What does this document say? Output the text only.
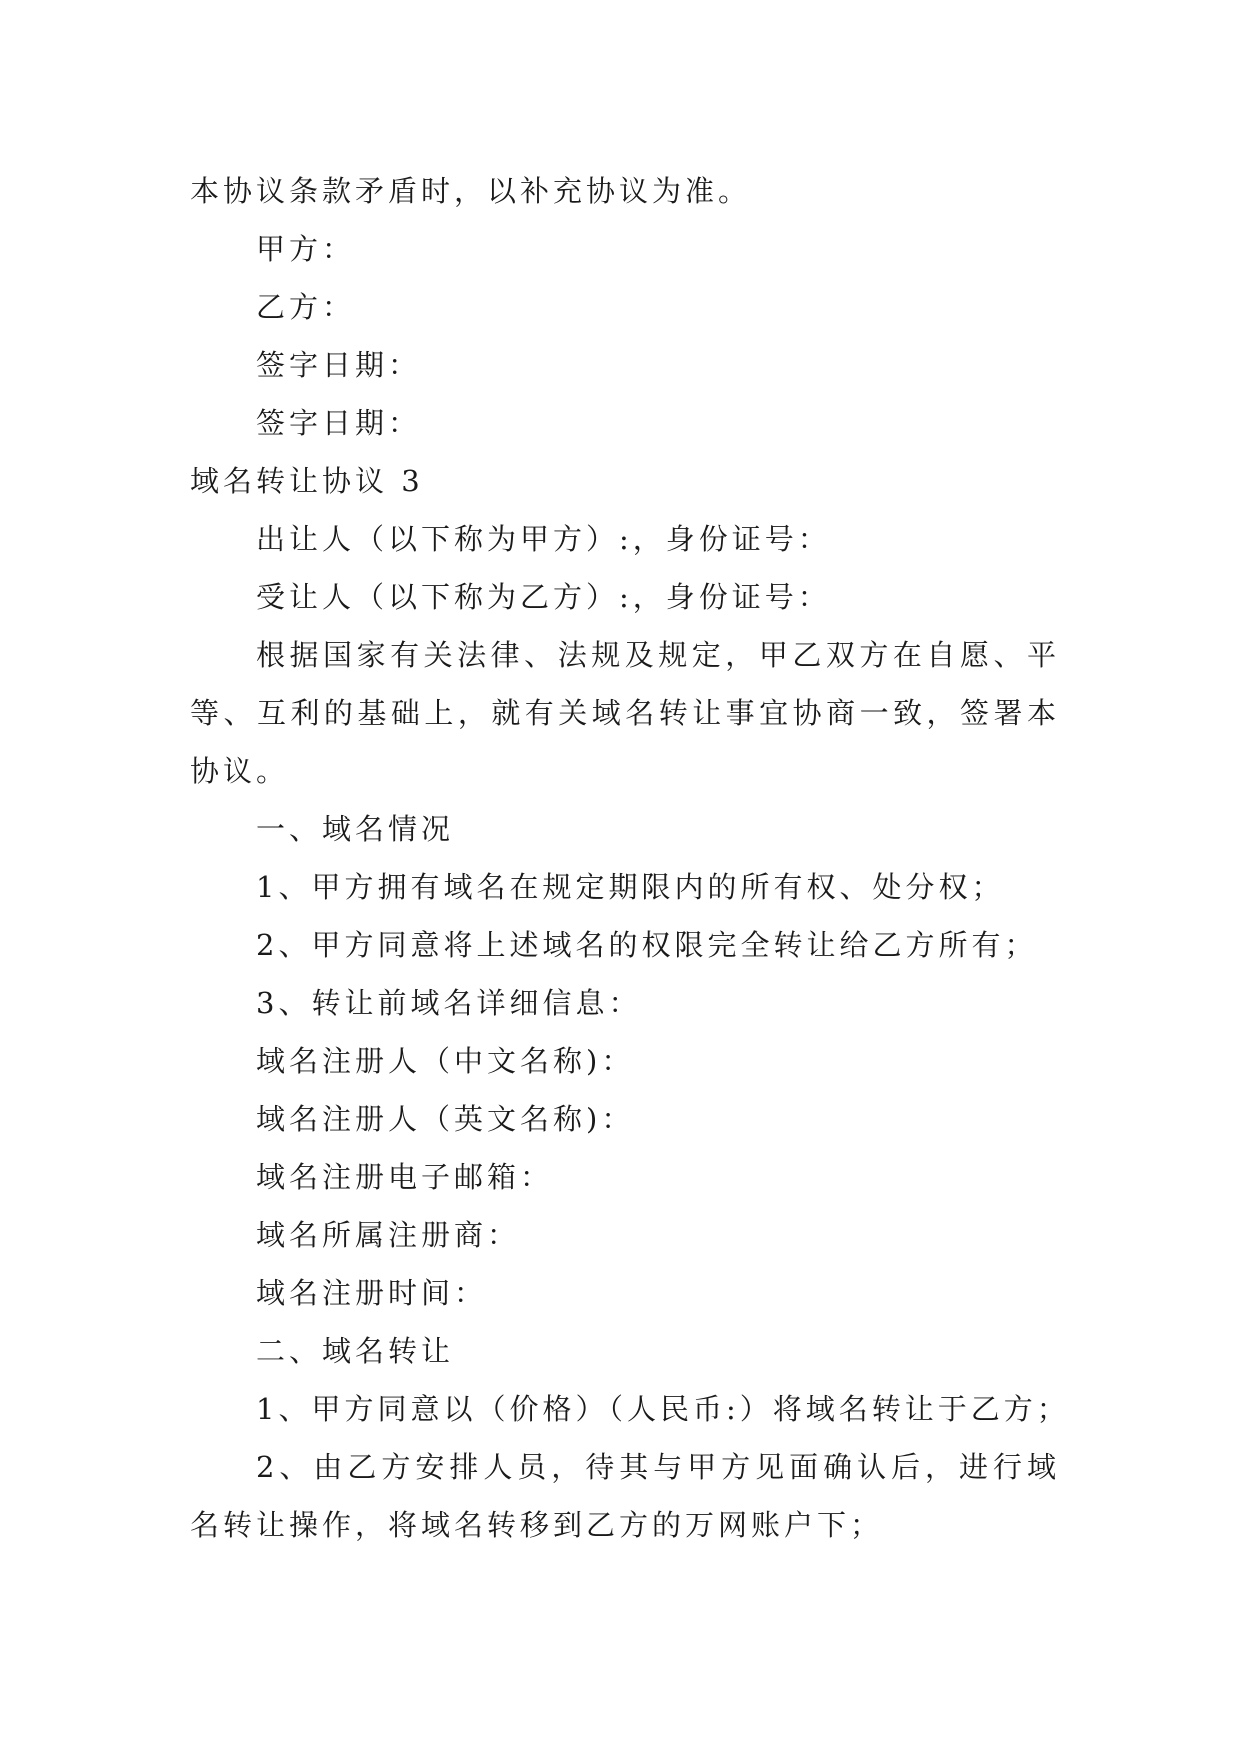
本协议条款矛盾时，以补充协议为准。
甲方：
乙方：
签字日期：
签字日期：
域名转让协议 3
出让人（以下称为甲方）:，身份证号：
受让人（以下称为乙方）:，身份证号：

根据国家有关法律、法规及规定，甲乙双方在自愿、平等、互利的基础上，就有关域名转让事宜协商一致，签署本协议。

一、域名情况
1、甲方拥有域名在规定期限内的所有权、处分权；
2、甲方同意将上述域名的权限完全转让给乙方所有；
3、转让前域名详细信息：
域名注册人（中文名称)：
域名注册人（英文名称)：
域名注册电子邮箱：
域名所属注册商：
域名注册时间：
二、域名转让
1、甲方同意以（价格）（人民币:）将域名转让于乙方；

2、由乙方安排人员，待其与甲方见面确认后，进行域名转让操作，将域名转移到乙方的万网账户下；
